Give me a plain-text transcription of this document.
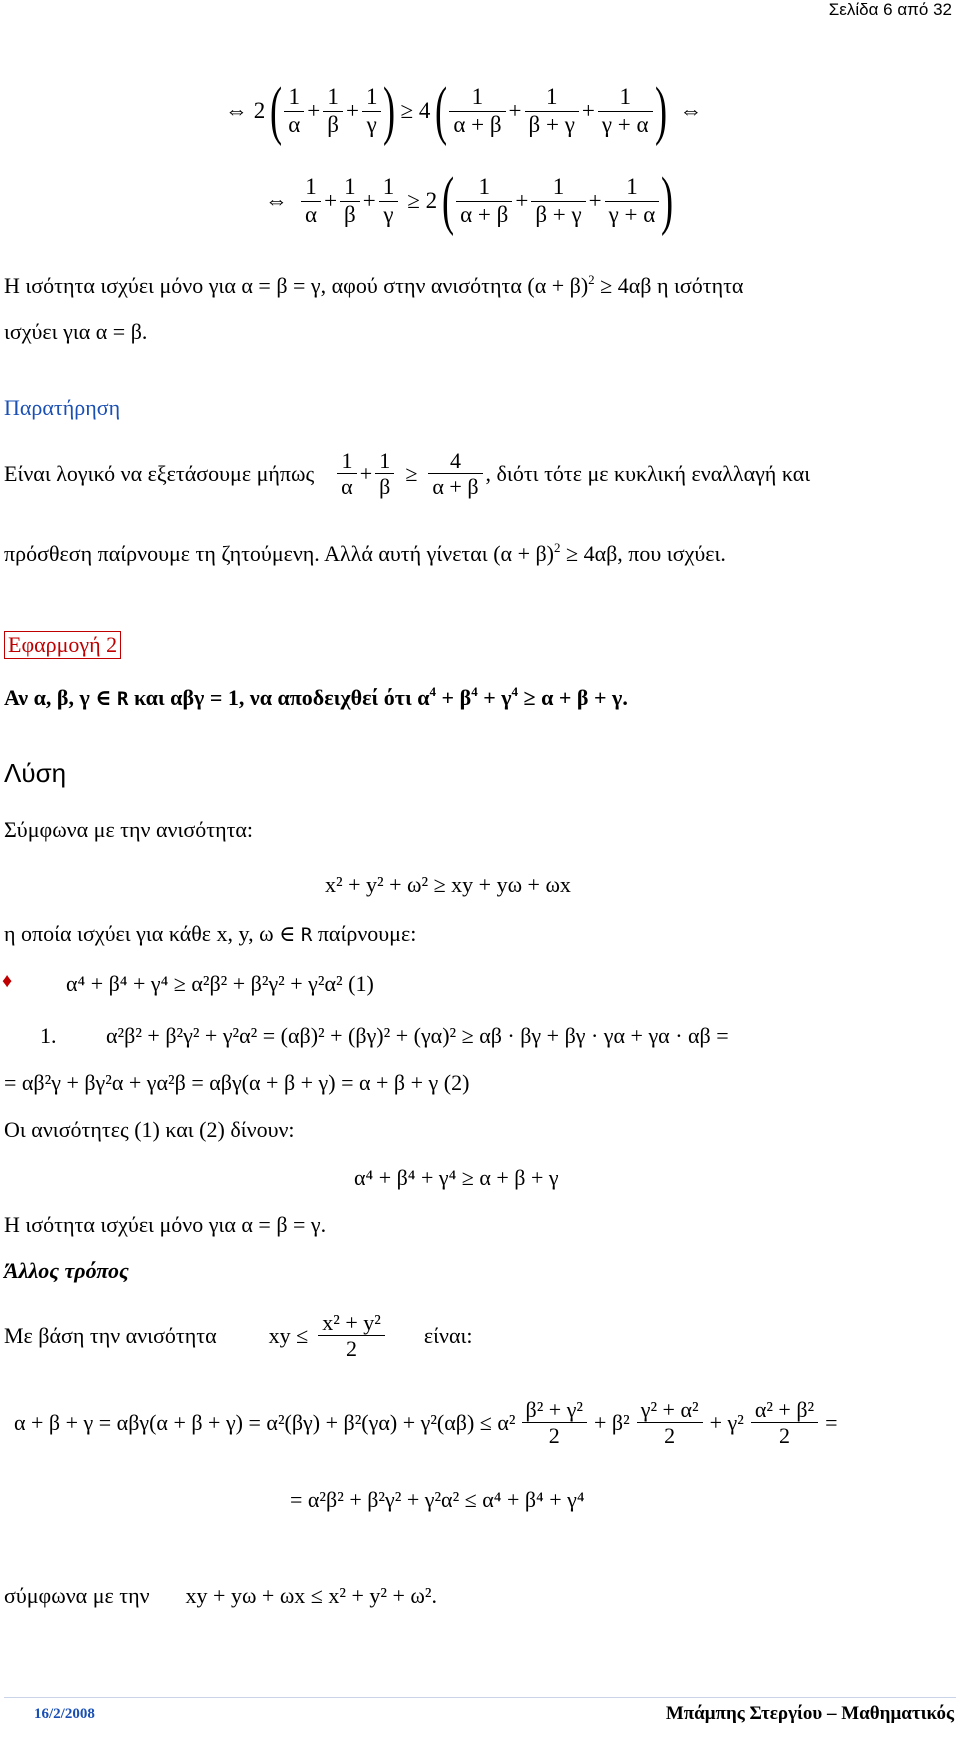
Σελίδα 6 από 32
⇔ 2 ( $\frac{1}{\alpha} + \frac{1}{\beta} + \frac{1}{\gamma}$ ) ≥ 4 ( $\frac{1}{\alpha + \beta} + \frac{1}{\beta + \gamma} + \frac{1}{\gamma + \alpha}$ ) ⇔
⇔ $\frac{1}{\alpha} + \frac{1}{\beta} + \frac{1}{\gamma} \ge 2$ ( $\frac{1}{\alpha + \beta} + \frac{1}{\beta + \gamma} + \frac{1}{\gamma + \alpha}$ )
Η ισότητα ισχύει μόνο για α = β = γ, αφού στην ανισότητα $(\alpha + \beta)^2 \ge 4\alpha\beta$ η ισότητα
ισχύει για α = β.
Παρατήρηση
Είναι λογικό να εξετάσουμε μήπως $\frac{1}{\alpha} + \frac{1}{\beta} \ge \frac{4}{\alpha + \beta}$ , διότι τότε με κυκλική εναλλαγή και
πρόσθεση παίρνουμε τη ζητούμενη. Αλλά αυτή γίνεται $(\alpha + \beta)^2 \ge 4\alpha\beta$, που ισχύει.
Εφαρμογή 2
Αν α, β, γ ∈ R και αβγ = 1, να αποδειχθεί ότι $\alpha^4 + \beta^4 + \gamma^4 \ge \alpha + \beta + \gamma$.
Λύση
Σύμφωνα με την ανισότητα:
x² + y² + ω² ≥ xy + yω + ωx
η οποία ισχύει για κάθε x, y, ω ∈ R παίρνουμε:
♦ α⁴ + β⁴ + γ⁴ ≥ α²β² + β²γ² + γ²α² (1)
1. α²β² + β²γ² + γ²α² = (αβ)² + (βγ)² + (γα)² ≥ αβ · βγ + βγ · γα + γα · αβ =
= αβ²γ + βγ²α + γα²β = αβγ(α + β + γ) = α + β + γ (2)
Οι ανισότητες (1) και (2) δίνουν:
α⁴ + β⁴ + γ⁴ ≥ α + β + γ
Η ισότητα ισχύει μόνο για α = β = γ.
Άλλος τρόπος
Με βάση την ανισότητα xy ≤ $\frac{\text{x² + y²}}{2} \varepsilon ί\nu\alpha\iota$:
$\alpha + \beta + \gamma = \alpha\beta\gamma(\alpha + \beta + \gamma) = \alpha^2(\beta\gamma) + \beta^2(\gamma\alpha) + \gamma^2(\alpha\beta) \le \alpha^2 \frac{\text{β² + γ²}}{2} + \beta^2 \frac{\text{γ² + α²}}{2} + \gamma^2 \frac{\text{α² + β²}}{2}$ =
= α²β² + β²γ² + γ²α² ≤ α⁴ + β⁴ + γ⁴
σύμφωνα με την xy + yω + ωx ≤ x² + y² + ω².
16/2/2008	Μπάμπης Στεργίου – Μαθηματικός
